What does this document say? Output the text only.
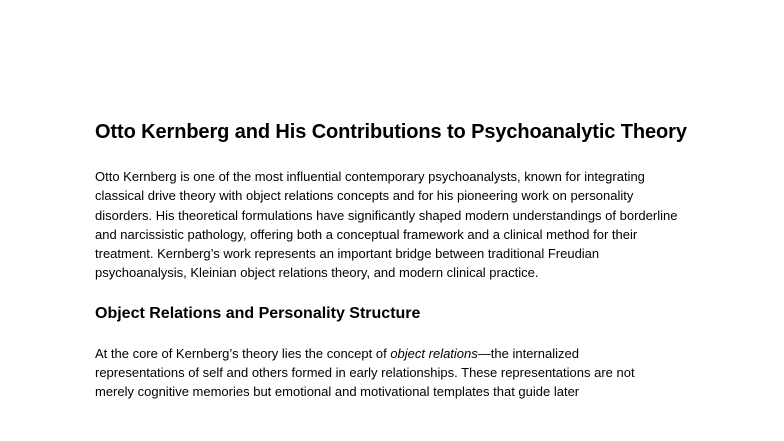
Otto Kernberg and His Contributions to Psychoanalytic Theory

Otto Kernberg is one of the most influential contemporary psychoanalysts, known for integrating classical drive theory with object relations concepts and for his pioneering work on personality disorders. His theoretical formulations have significantly shaped modern understandings of borderline and narcissistic pathology, offering both a conceptual framework and a clinical method for their treatment. Kernberg’s work represents an important bridge between traditional Freudian psychoanalysis, Kleinian object relations theory, and modern clinical practice.

Object Relations and Personality Structure

At the core of Kernberg’s theory lies the concept of object relations—the internalized representations of self and others formed in early relationships. These representations are not merely cognitive memories but emotional and motivational templates that guide later
